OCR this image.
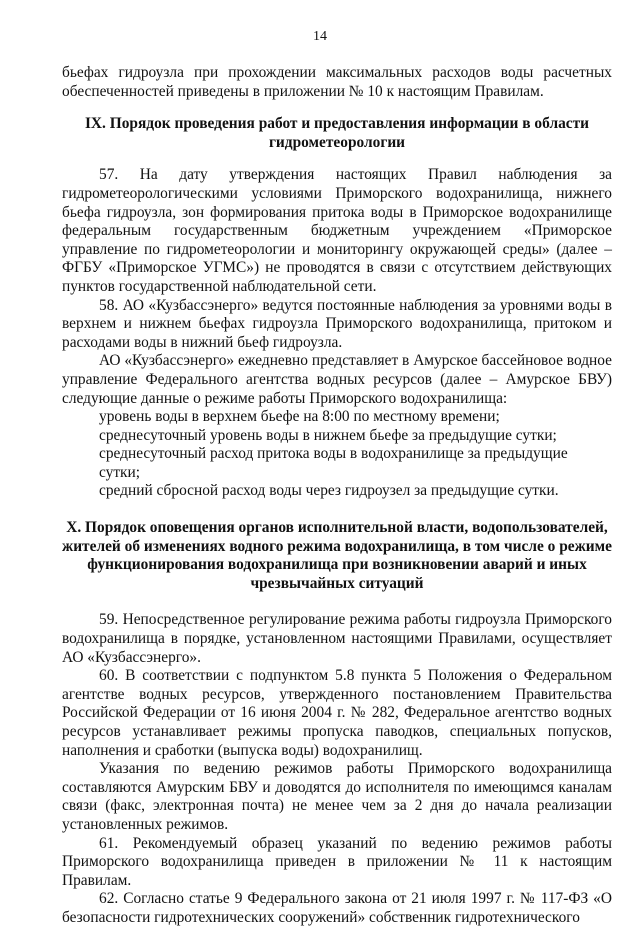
14

бьефах гидроузла при прохождении максимальных расходов воды расчетных обеспеченностей приведены в приложении № 10 к настоящим Правилам.

IX. Порядок проведения работ и предоставления информации в области гидрометеорологии

57. На дату утверждения настоящих Правил наблюдения за гидрометеорологическими условиями Приморского водохранилища, нижнего бьефа гидроузла, зон формирования притока воды в Приморское водохранилище федеральным государственным бюджетным учреждением «Приморское управление по гидрометеорологии и мониторингу окружающей среды» (далее – ФГБУ «Приморское УГМС») не проводятся в связи с отсутствием действующих пунктов государственной наблюдательной сети.

58. АО «Кузбассэнерго» ведутся постоянные наблюдения за уровнями воды в верхнем и нижнем бьефах гидроузла Приморского водохранилища, притоком и расходами воды в нижний бьеф гидроузла.

АО «Кузбассэнерго» ежедневно представляет в Амурское бассейновое водное управление Федерального агентства водных ресурсов (далее – Амурское БВУ) следующие данные о режиме работы Приморского водохранилища:

уровень воды в верхнем бьефе на 8:00 по местному времени;

среднесуточный уровень воды в нижнем бьефе за предыдущие сутки;

среднесуточный расход притока воды в водохранилище за предыдущие сутки;

средний сбросной расход воды через гидроузел за предыдущие сутки.

X. Порядок оповещения органов исполнительной власти, водопользователей, жителей об изменениях водного режима водохранилища, в том числе о режиме функционирования водохранилища при возникновении аварий и иных чрезвычайных ситуаций

59. Непосредственное регулирование режима работы гидроузла Приморского водохранилища в порядке, установленном настоящими Правилами, осуществляет АО «Кузбассэнерго».

60. В соответствии с подпунктом 5.8 пункта 5 Положения о Федеральном агентстве водных ресурсов, утвержденного постановлением Правительства Российской Федерации от 16 июня 2004 г. № 282, Федеральное агентство водных ресурсов устанавливает режимы пропуска паводков, специальных попусков, наполнения и сработки (выпуска воды) водохранилищ.

Указания по ведению режимов работы Приморского водохранилища составляются Амурским БВУ и доводятся до исполнителя по имеющимся каналам связи (факс, электронная почта) не менее чем за 2 дня до начала реализации установленных режимов.

61. Рекомендуемый образец указаний по ведению режимов работы Приморского водохранилища приведен в приложении № 11 к настоящим Правилам.

62. Согласно статье 9 Федерального закона от 21 июля 1997 г. № 117-ФЗ «О безопасности гидротехнических сооружений» собственник гидротехнического
